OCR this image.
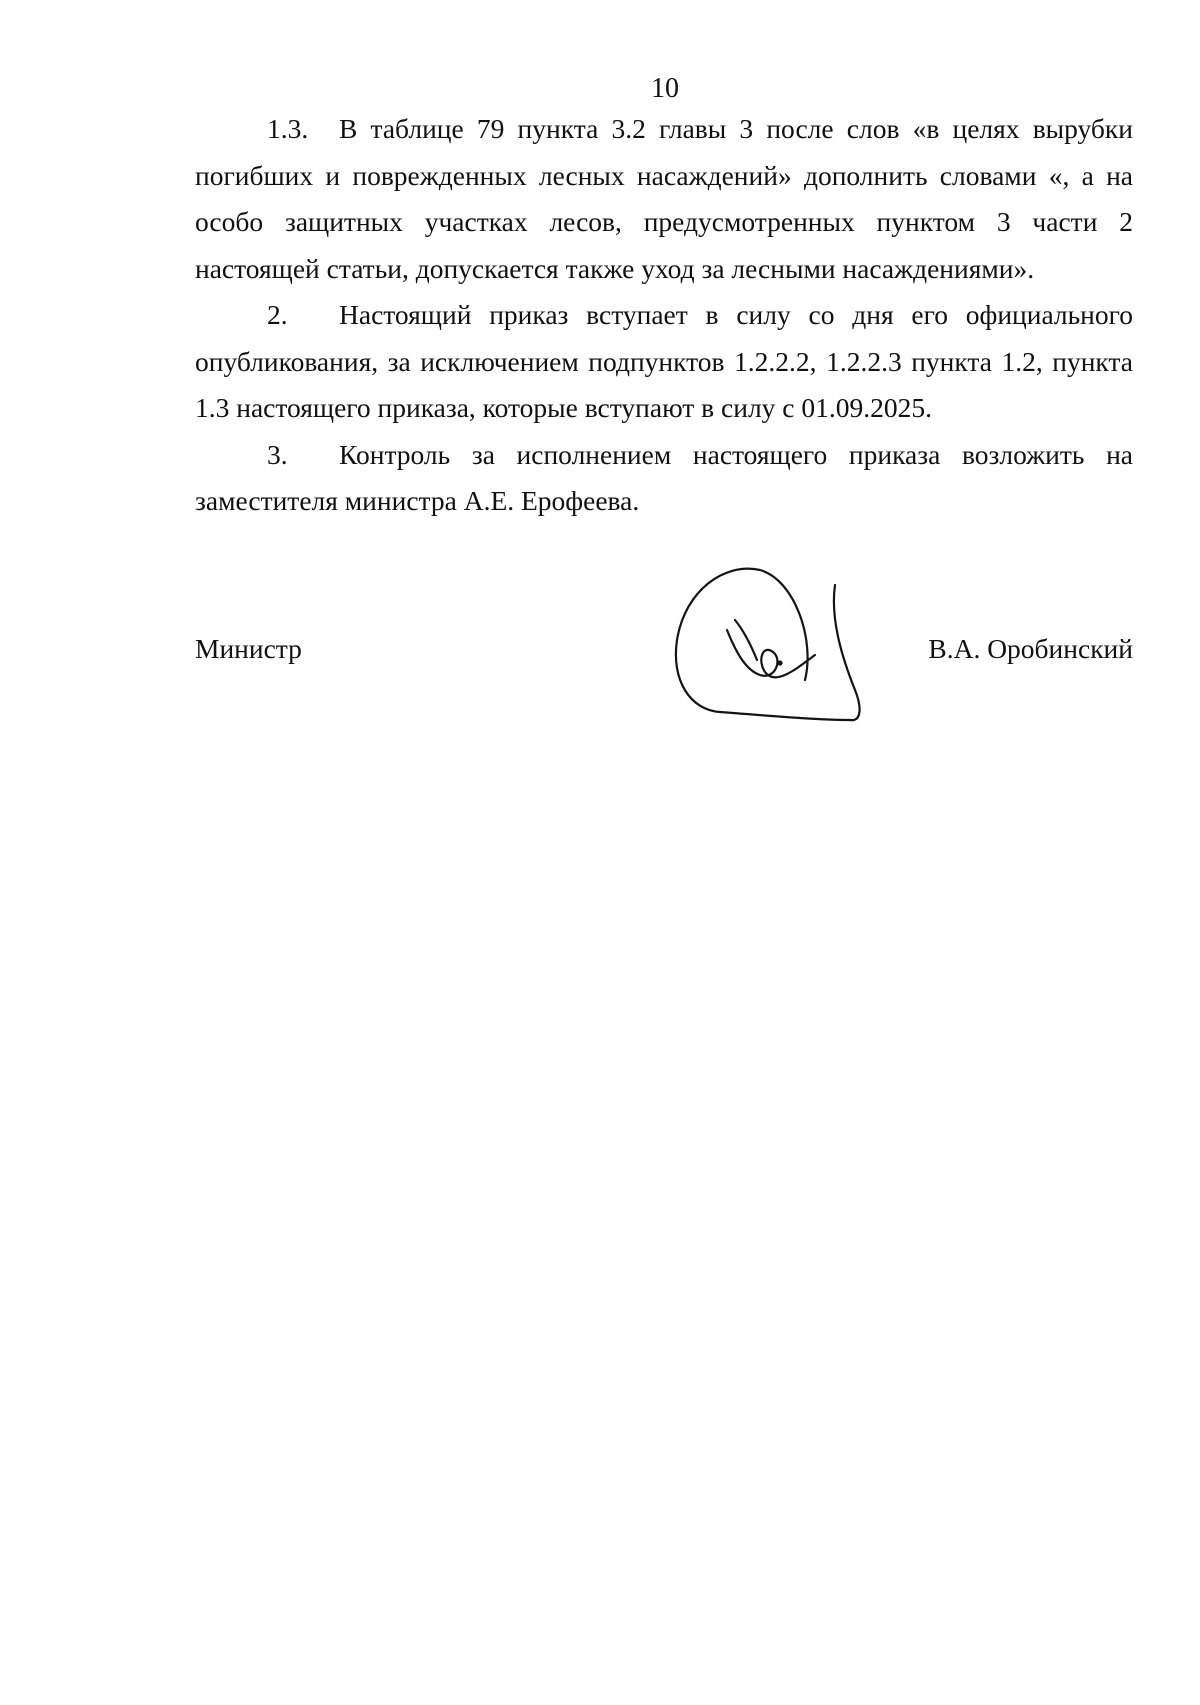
10

1.3. В таблице 79 пункта 3.2 главы 3 после слов «в целях вырубки погибших и поврежденных лесных насаждений» дополнить словами «, а на особо защитных участках лесов, предусмотренных пунктом 3 части 2 настоящей статьи, допускается также уход за лесными насаждениями».

2. Настоящий приказ вступает в силу со дня его официального опубликования, за исключением подпунктов 1.2.2.2, 1.2.2.3 пункта 1.2, пункта 1.3 настоящего приказа, которые вступают в силу с 01.09.2025.

3. Контроль за исполнением настоящего приказа возложить на заместителя министра А.Е. Ерофеева.

Министр	В.А. Оробинский
